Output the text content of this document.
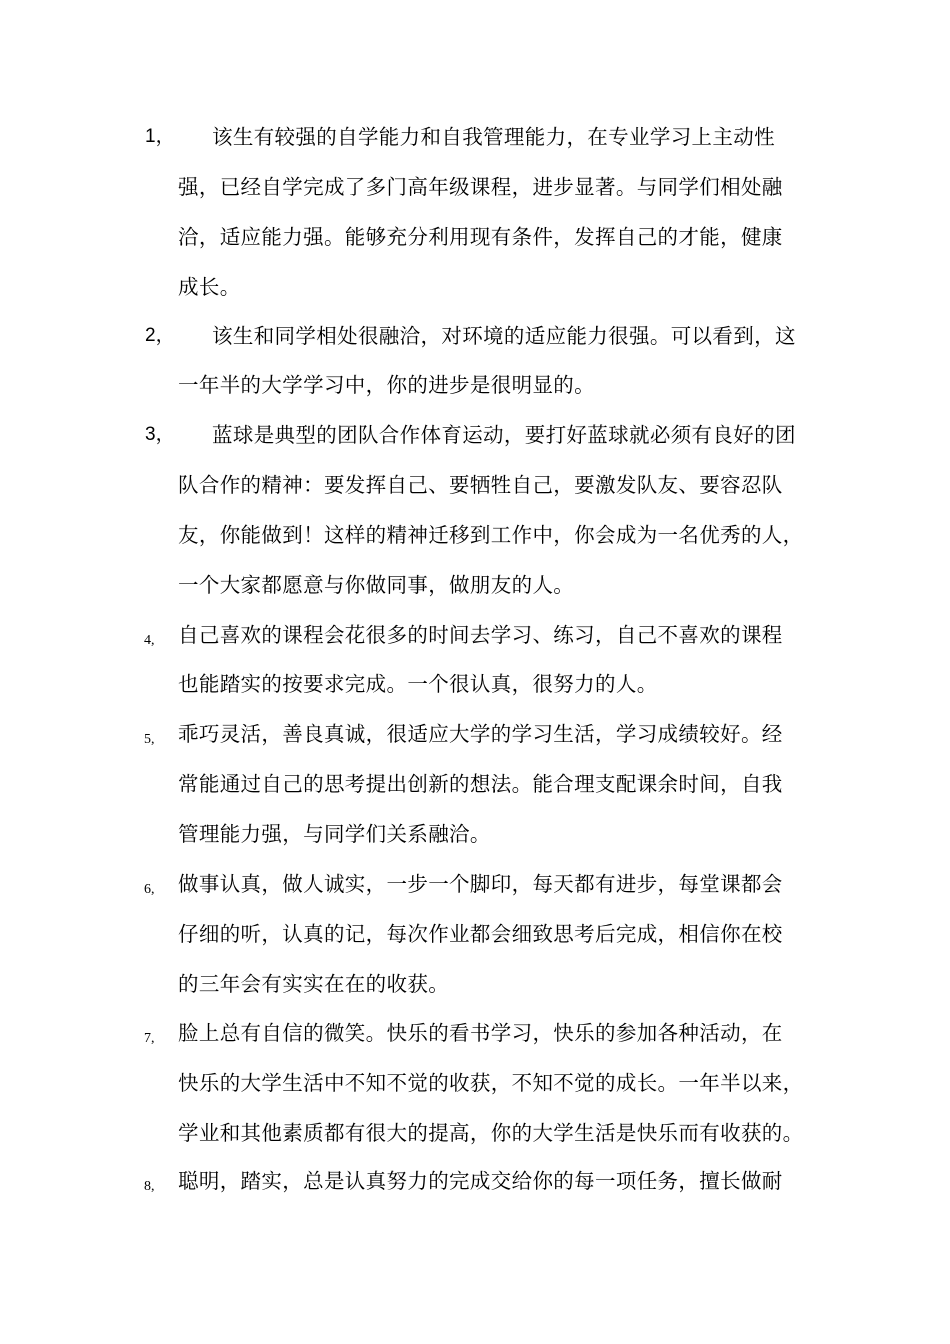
1， 该生有较强的自学能力和自我管理能力，在专业学习上主动性
强，已经自学完成了多门高年级课程，进步显著。与同学们相处融
洽，适应能力强。能够充分利用现有条件，发挥自己的才能，健康
成长。
2， 该生和同学相处很融洽，对环境的适应能力很强。可以看到，这
一年半的大学学习中，你的进步是很明显的。
3， 蓝球是典型的团队合作体育运动，要打好蓝球就必须有良好的团
队合作的精神：要发挥自己、要牺牲自己，要激发队友、要容忍队
友，你能做到！这样的精神迁移到工作中，你会成为一名优秀的人，
一个大家都愿意与你做同事，做朋友的人。
4, 自己喜欢的课程会花很多的时间去学习、练习，自己不喜欢的课程
也能踏实的按要求完成。一个很认真，很努力的人。
5, 乖巧灵活，善良真诚，很适应大学的学习生活，学习成绩较好。经
常能通过自己的思考提出创新的想法。能合理支配课余时间，自我
管理能力强，与同学们关系融洽。
6, 做事认真，做人诚实，一步一个脚印，每天都有进步，每堂课都会
仔细的听，认真的记，每次作业都会细致思考后完成，相信你在校
的三年会有实实在在的收获。
7, 脸上总有自信的微笑。快乐的看书学习，快乐的参加各种活动，在
快乐的大学生活中不知不觉的收获，不知不觉的成长。一年半以来，
学业和其他素质都有很大的提高，你的大学生活是快乐而有收获的。
8, 聪明，踏实，总是认真努力的完成交给你的每一项任务，擅长做耐
